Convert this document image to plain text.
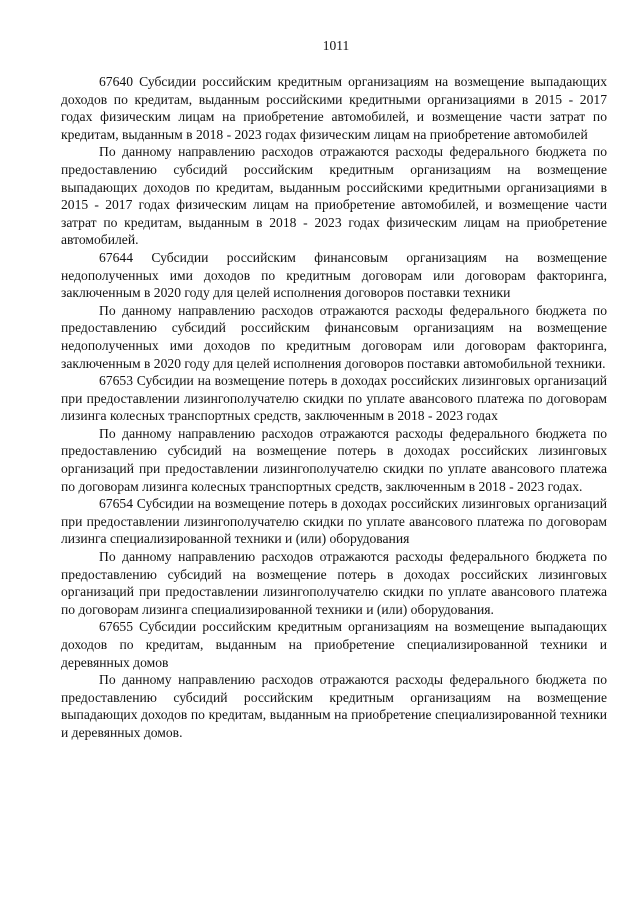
1011

67640 Субсидии российским кредитным организациям на возмещение выпадающих доходов по кредитам, выданным российскими кредитными организациями в 2015 - 2017 годах физическим лицам на приобретение автомобилей, и возмещение части затрат по кредитам, выданным в 2018 - 2023 годах физическим лицам на приобретение автомобилей

По данному направлению расходов отражаются расходы федерального бюджета по предоставлению субсидий российским кредитным организациям на возмещение выпадающих доходов по кредитам, выданным российскими кредитными организациями в 2015 - 2017 годах физическим лицам на приобретение автомобилей, и возмещение части затрат по кредитам, выданным в 2018 - 2023 годах физическим лицам на приобретение автомобилей.

67644 Субсидии российским финансовым организациям на возмещение недополученных ими доходов по кредитным договорам или договорам факторинга, заключенным в 2020 году для целей исполнения договоров поставки техники

По данному направлению расходов отражаются расходы федерального бюджета по предоставлению субсидий российским финансовым организациям на возмещение недополученных ими доходов по кредитным договорам или договорам факторинга, заключенным в 2020 году для целей исполнения договоров поставки автомобильной техники.

67653 Субсидии на возмещение потерь в доходах российских лизинговых организаций при предоставлении лизингополучателю скидки по уплате авансового платежа по договорам лизинга колесных транспортных средств, заключенным в 2018 - 2023 годах

По данному направлению расходов отражаются расходы федерального бюджета по предоставлению субсидий на возмещение потерь в доходах российских лизинговых организаций при предоставлении лизингополучателю скидки по уплате авансового платежа по договорам лизинга колесных транспортных средств, заключенным в 2018 - 2023 годах.

67654 Субсидии на возмещение потерь в доходах российских лизинговых организаций при предоставлении лизингополучателю скидки по уплате авансового платежа по договорам лизинга специализированной техники и (или) оборудования

По данному направлению расходов отражаются расходы федерального бюджета по предоставлению субсидий на возмещение потерь в доходах российских лизинговых организаций при предоставлении лизингополучателю скидки по уплате авансового платежа по договорам лизинга специализированной техники и (или) оборудования.

67655 Субсидии российским кредитным организациям на возмещение выпадающих доходов по кредитам, выданным на приобретение специализированной техники и деревянных домов

По данному направлению расходов отражаются расходы федерального бюджета по предоставлению субсидий российским кредитным организациям на возмещение выпадающих доходов по кредитам, выданным на приобретение специализированной техники и деревянных домов.
